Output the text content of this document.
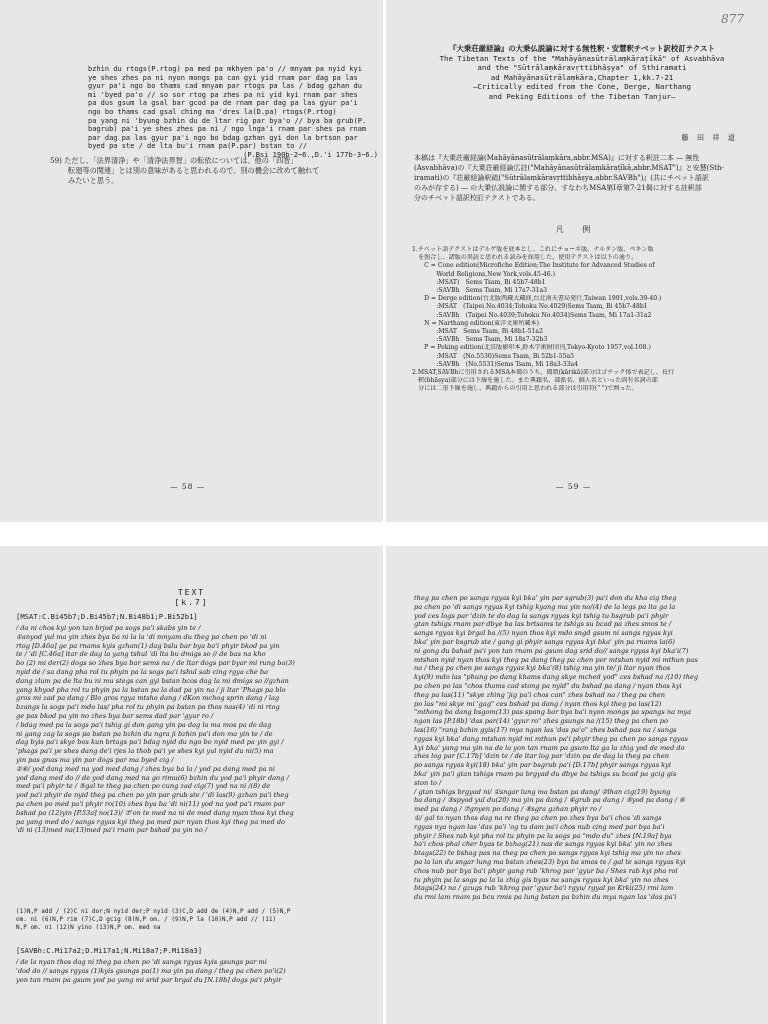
bzhin du rtogs(P.rtog) pa med pa mkhyen pa'o // mnyam pa nyid kyi
ye shes zhes pa ni nyon mongs pa can gyi yid rnam par dag pa las
gyur pa'i ngo bo thams cad mnyam par rtogs pa las / bdag gzhan du
mi 'byed pa'o // so sor rtog pa zhes pa ni yid kyi rnam par shes
pa dus gsum la gsal bar gcod pa de rnam par dag pa las gyur pa'i
ngo bo thams cad gsal ching ma 'dres la(D.pa) rtogs(P.rtog)
pa yang ni 'byung bzhin du de ltar rig par bya'o // bya ba grub(P.
bagrub) pa'i ye shes zhes pa ni / ngo lnga'i rnam par shes pa rnam
par dag pa las gyur pa'i ngo bo bdag gzhan gyi don la brtson par
byed pa ste / de lta bu'i rnam pa(P.par) bstan to //
(P.Bsi 190b-2~6.,D.'i 177b-3~6.)
59) ただし、「法界清浄」や「清浄法界智」の転依については、他の「四智」
転廻等の関連」とは別の意味があると思われるので、別の機会に改めて触れて
みたいと思う。
— 58 —
877
『大乗荘厳経論』の大乗仏説論に対する無性釈・安慧釈チベット訳校訂テクスト
The Tibetan Texts of the "Mahāyānasūtrālaṃkāraṭīkā" of Asvabhāva
and the "Sūtrālaṃkāravṛttibhāṣya" of Sthiramati
ad Mahāyānasūtrālaṃkāra,Chapter 1,kk.7-21
—Critically edited from the Cone, Derge, Narthang
and Peking Editions of the Tibetan Tanjur—
藤 田 祥 道
本稿は『大乗荘厳経論(Mahāyānasūtrālaṃkāra,abbr.MSA)』に対する釈註二本 — 無性
(Asvabhāva)の『大乗荘厳経論広註("Mahāyānasūtrālaṃkāraṭīkā,abbr.MSAT")』と安慧(Sth-
iramati)の『荘厳経論釈疏("Sūtrālaṃkāravṛttibhāṣya,abbr.SAVBh")』(共にチベット語訳
のみが存する) — の大乗仏説論に関する部分、すなわちMSA第I章第7-21偈に対する註釈部
分のチベット語訳校訂テクストである。
凡 例
1.チベット語テクストはデルゲ版を底本とし、これにチョーネ版、ナルタン版、ペキン版
　を照合し、諸版の異読と思われる読みを採用した。使用テクストは以下の通り。
　　C = Cone edition(Microfiche Edition;The Institute for Advanced Studies of
　　　　World Religions,New York,vols.45-46.)
　　　　:MSAT)　Sems Tsam, Bi 45b7-48b1
　　　　:SAVBh　Sems Tsam, Mi 17a7-31a3
　　D = Derge edition(台北版西蔵大蔵経,台北南天書局発行,Taiwan 1991,vols.39-40.)
　　　　:MSAT　(Taipei No.4034;Tohoku No.4029)Sems Tsam, Bi 45b7-48b1
　　　　:SAVBh　(Taipei No.4039;Tohoku No.4034)Sems Tsam, Mi 17a1-31a2
　　N = Narthang edition(東洋文庫所蔵本)
　　　　:MSAT　Sems Tsam, Bi 48b1-51a2
　　　　:SAVBh　Sems Tsam, Mi 18a7-32b3
　　P = Peking edition(北京版影印本,鈴木学術財団刊,Tokyo-Kyoto 1957,vol.108.)
　　　　:MSAT　(No.5530)Sems Tsam, Bi 52b1-55a5
　　　　:SAVBh　(No.5531)Sems Tsam, Mi 18a3-33a4
2.MSAT,SAVBhに引用されるMSA本偈のうち、偈頌(kārikā)部分はゴチック体で表記し、長行
　釈(bhāṣya)部分には下線を施した。また典籍名、部派名、個人名といった固有名詞の部
　分には二重下線を施し、典籍からの引用と思われる部分は引用符(" ")で囲った。
— 59 —
TEXT
[k.7]
[MSAT:C.Bi45b7;D.Bi45b7;N.Bi48b1;P.Bi52b1]
/ da ni chos kyi yon tan brjod pa sogs pa'i skabs yin te /
①anyod yul ma yin zhes bya ba ni la la 'di mnyam du theg pa chen po 'di ni
rtog [D.46a] ge pa rnams kyis gzhan(1) dag bslu bar bya ba'i phyir bkod pa yin
te / 'di [C.46a] ltar de dag la yang tshul 'di lta bu dmigs so // de bas na kho
bo (2) mi der(2) dogs so zhes bya bar sems na / de ltar dogs par byar mi rung ba(3)
nyid de / sa dang pha rol tu phyin pa la sogs pa'i tshul sab cing rgya che ba
dang zlum pa de lta bu ni mu stegs can gyi bstan bcos dag la mi dmigs so //gzhan
yang khyod pha rol tu phyin pa la bstan pa la dad pa yin na / ji ltar 'Phags pa blo
gros mi zad pa dang / Blo gros rgya mtsho dang / dKon mchog sprin dang / lag
bzangs la sogs pa'i mdo las/ pha rol tu phyin pa bstan pa thos nas(4) 'di ni rtog
ge pas bkod pa yin no zhes bya bar sems dad par 'gyur ro /
/ bdag med pa la sogs pa'i tshig gi don gang yin pa dag la ma mos pa de dag
ni gang zag la sogs pa bstan pa bzhin du ngra ji bzhin pa'i don ma yin te / de
dag byis pa'i skye bos kun brtags pa'i bdag nyid du ngo bo nyid med pa yin gyi /
'phags pa'i ye shes dang de'i rjes la thob pa'i ye shes kyi yul nyid du ni(5) ma
yin pas gnas ma yin par dogs par ma byed cig /
②⑥/ yod dang med na yod med dang / zhes bya ba la / yod pa dang med pa ni
yod dang med do // de yod dang med na go rimu(6) bzhin du yod pa'i phyir dang /
med pa'i phyir te / ⑤gal te theg pa chen po cung zad cig(7) yod na ni /(8) de
yod pa'i phyir de nyid theg pa chen po yin par grub ste / 'di las(9) gzhan pa'i theg
pa chen po med pa'i phyir ro(10) zhes bya ba 'di ni(11) yod na yod pa'i rnam par
bshad pa (12)yin [P.53a] no(13)/ ⑦'on te med na ni de med dang nyan thos kyi theg
pa yang med do / sangs rgyas kyi theg pa med par nyan thos kyi theg pa med do
'di ni (13)med na(13)med pa'i rnam par bshad pa yin no /
(1)N,P add / (2)C ni dor;N nyid der;P nyid (3)C,D add de (4)N,P add / (5)N,P
om. ni (6)N,P rim (7)C,D gcig (8)N,P om. / (9)N,P la (10)N,P add // (11)
N,P om. ni (12)N yino (13)N,P om. med na
[SAVBh:C.Mi17a2;D.Mi17a1;N.Mi18a7;P.Mi18a3]
/ de la nyan thos dag ni theg pa chen po 'di sangs rgyas kyis gsungs par mi
'dod do // sangs rgyas (1)kyis gsungs pa(1) ma yin pa dang / theg pa chen po'i(2)
yon tan rnam pa gsum yod pa yang mi srid par brgal du [N.18b] dogs pa'i phyir
theg pa chen po sangs rgyas kyi bka' yin par sgrub(3) pa'i don du kha cig theg
pa chen po 'di sangs rgyas kyi tshig kyang ma yin no/(4) de la legs pa lta ga la
yod ces logs par 'dzin te do dag la sangs rgyas kyi tshig tu bsgrub pa'i phyir
gtan tshigs rnam par dbye ba las brtsams te tshigs su bcad pa zhes smos te /
sangs rgyas kyi brgal ba /(5) nyan thos kyi mdo sngd gsum ni sangs rgyas kyi
bka' yin par bsgrub ste / gang gi phyir sangs rgyas kyi bka' yin pa rnams la(6)
ni gong du bshad pa'i yon tan rnam pa gsum dag srid do// sangs rgyas kyi bka'i(7)
mtshan nyid nyan thos kyi theg pa dang theg pa chen por mtshan nyid mi mthun pas
na / theg pa chen po sangs rgyas kyi bka'(8) tshig ma yin te/ ji ltar nyan thos
kyi(9) mdo las "phung po dang khams dang skye mched yod" ces bshad na /(10) theg
pa chen po las "chos thams cad stong pa nyid" du bshad pa dang / nyan thos kyi
theg pa las(11) "skye zhing 'jig pa'i chos can" zhes bshad na / theg pa chen
po las "mi skye mi 'gag" ces bshad pa dang / nyan thos kyi theg pa las(12)
"mthong ba dang bsgom(13) pas spang bar bya ba'i nyon mongs pa spangs na mya
ngan las [P.18b] 'das par(14) 'gyur ro" zhes gsungs na /(15) theg pa chen po
las(16) "rang bzhin gyis(17) mya ngan las 'das pa'o" zhes bshad pas na / sangs
rgyas kyi bka' dang mtshan nyid mi mthun pa'i phyir theg pa chen po sangs rgyas
kyi bka' yang ma yin na de la yon tan rnam pa gsum lta ga la zhig yod de med do
zhes log par [C.17b] 'dzin te / de ltar log par 'dzin pa de dag la theg pa chen
po sangs rgyas kyi(18) bka' yin par bsgrub pa'i [D.17b] phyir sangs rgyas kyi
bka' yin pa'i gtan tshigs rnam pa brgyad du dbye ba tshigs su bcad pa gcig gis
ston to /
/ gtan tshigs brgyad ni/ ①sngar lung ma bstan pa dang/ ②lhan cig(19) byung
ba dang / ③spyod yul du(20) ma yin pa dang / ④grub pa dang / ⑤yod pa dang / ⑥
med pa dang / ⑦gnyen po dang / ⑧sgra gzhan phyir ro /
①/ gal to nyan thos dag na re theg pa chen po zhes bya ba'i chos 'di sangs
rgyas nya ngan las 'das pa'i 'og tu dam pa'i chos nub cing med par bya ba'i
phyir / Shes rab kyi pha rol tu phyin pa la sogs pa "mdo du" zhes [N.19a] bya
ba'i chos phal cher byas te bzhag(21) nas de sangs rgyas kyi bka' yin no zhes
btags(22) te bshag pas na theg pa chen po sangs rgyas kyi tshig ma yin no zhes
pa la lan du sngar lung ma bstan zhes(23) bya ba smos te / gal te sangs rgyas kyi
chos nub par bya ba'i phyir gang rub 'khrog par 'gyur ba / Shes rab kyi pha rol
tu phyin pa la sogs pa la la zhig gis byas na sangs rgyas kyi bka' yin no zhes
btags(24) na / gzugs rub 'khrog par 'gyur ba'i rgyu/ rgyal po Krki(25) rmi lam
du rmi lam rnam pa bcu rmis pa lung bstan pa bzhin du mya ngan las 'das pa'i
